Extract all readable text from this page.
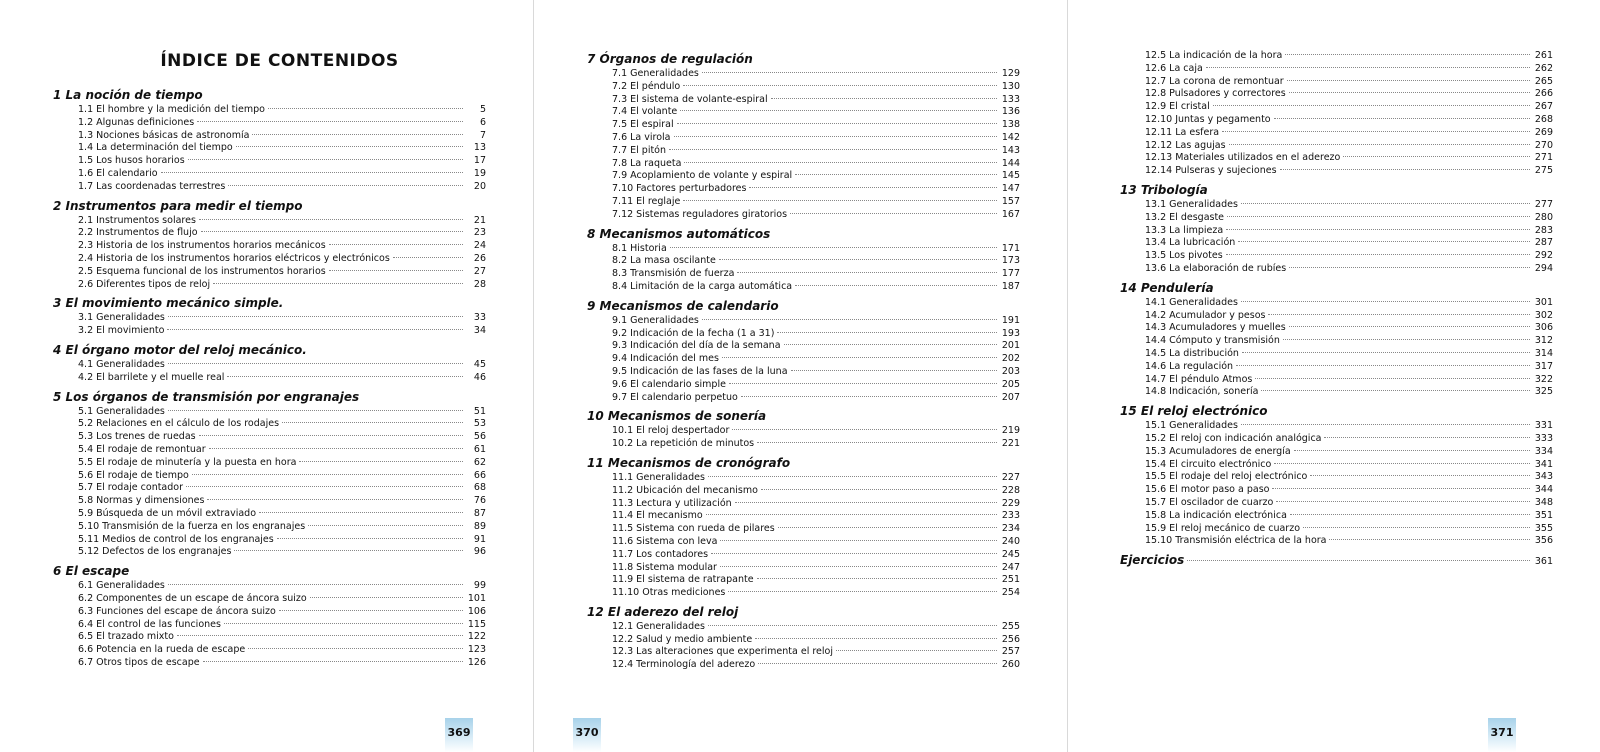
ÍNDICE DE CONTENIDOS
1 La noción de tiempo
1.1 El hombre y la medición del tiempo	5
1.2 Algunas definiciones	6
1.3 Nociones básicas de astronomía	7
1.4 La determinación del tiempo	13
1.5 Los husos horarios	17
1.6 El calendario	19
1.7 Las coordenadas terrestres	20
2 Instrumentos para medir el tiempo
2.1 Instrumentos solares	21
2.2 Instrumentos de flujo	23
2.3 Historia de los instrumentos horarios mecánicos	24
2.4 Historia de los instrumentos horarios eléctricos y electrónicos	26
2.5 Esquema funcional de los instrumentos horarios	27
2.6 Diferentes tipos de reloj	28
3 El movimiento mecánico simple.
3.1 Generalidades	33
3.2 El movimiento	34
4 El órgano motor del reloj mecánico.
4.1 Generalidades	45
4.2 El barrilete y el muelle real	46
5 Los órganos de transmisión por engranajes
5.1 Generalidades	51
5.2 Relaciones en el cálculo de los rodajes	53
5.3 Los trenes de ruedas	56
5.4 El rodaje de remontuar	61
5.5 El rodaje de minutería y la puesta en hora	62
5.6 El rodaje de tiempo	66
5.7 El rodaje contador	68
5.8 Normas y dimensiones	76
5.9 Búsqueda de un móvil extraviado	87
5.10 Transmisión de la fuerza en los engranajes	89
5.11 Medios de control de los engranajes	91
5.12 Defectos de los engranajes	96
6 El escape
6.1 Generalidades	99
6.2 Componentes de un escape de áncora suizo	101
6.3 Funciones del escape de áncora suizo	106
6.4 El control de las funciones	115
6.5 El trazado mixto	122
6.6 Potencia en la rueda de escape	123
6.7 Otros tipos de escape	126
369
7 Órganos de regulación
7.1 Generalidades	129
7.2 El péndulo	130
7.3 El sistema de volante-espiral	133
7.4 El volante	136
7.5 El espiral	138
7.6 La virola	142
7.7 El pitón	143
7.8 La raqueta	144
7.9 Acoplamiento de volante y espiral	145
7.10 Factores perturbadores	147
7.11 El reglaje	157
7.12 Sistemas reguladores giratorios	167
8 Mecanismos automáticos
8.1 Historia	171
8.2 La masa oscilante	173
8.3 Transmisión de fuerza	177
8.4 Limitación de la carga automática	187
9 Mecanismos de calendario
9.1 Generalidades	191
9.2 Indicación de la fecha (1 a 31)	193
9.3 Indicación del día de la semana	201
9.4 Indicación del mes	202
9.5 Indicación de las fases de la luna	203
9.6 El calendario simple	205
9.7 El calendario perpetuo	207
10 Mecanismos de sonería
10.1 El reloj despertador	219
10.2 La repetición de minutos	221
11 Mecanismos de cronógrafo
11.1 Generalidades	227
11.2 Ubicación del mecanismo	228
11.3 Lectura y utilización	229
11.4 El mecanismo	233
11.5 Sistema con rueda de pilares	234
11.6 Sistema con leva	240
11.7 Los contadores	245
11.8 Sistema modular	247
11.9 El sistema de ratrapante	251
11.10 Otras mediciones	254
12 El aderezo del reloj
12.1 Generalidades	255
12.2 Salud y medio ambiente	256
12.3 Las alteraciones que experimenta el reloj	257
12.4 Terminología del aderezo	260
370
12.5 La indicación de la hora	261
12.6 La caja	262
12.7 La corona de remontuar	265
12.8 Pulsadores y correctores	266
12.9 El cristal	267
12.10 Juntas y pegamento	268
12.11 La esfera	269
12.12 Las agujas	270
12.13 Materiales utilizados en el aderezo	271
12.14 Pulseras y sujeciones	275
13 Tribología
13.1 Generalidades	277
13.2 El desgaste	280
13.3 La limpieza	283
13.4 La lubricación	287
13.5 Los pivotes	292
13.6 La elaboración de rubíes	294
14 Pendulería
14.1 Generalidades	301
14.2 Acumulador y pesos	302
14.3 Acumuladores y muelles	306
14.4 Cómputo y transmisión	312
14.5 La distribución	314
14.6 La regulación	317
14.7 El péndulo Atmos	322
14.8 Indicación, sonería	325
15 El reloj electrónico
15.1 Generalidades	331
15.2 El reloj con indicación analógica	333
15.3 Acumuladores de energía	334
15.4 El circuito electrónico	341
15.5 El rodaje del reloj electrónico	343
15.6 El motor paso a paso	344
15.7 El oscilador de cuarzo	348
15.8 La indicación electrónica	351
15.9 El reloj mecánico de cuarzo	355
15.10 Transmisión eléctrica de la hora	356
Ejercicios	361
371
